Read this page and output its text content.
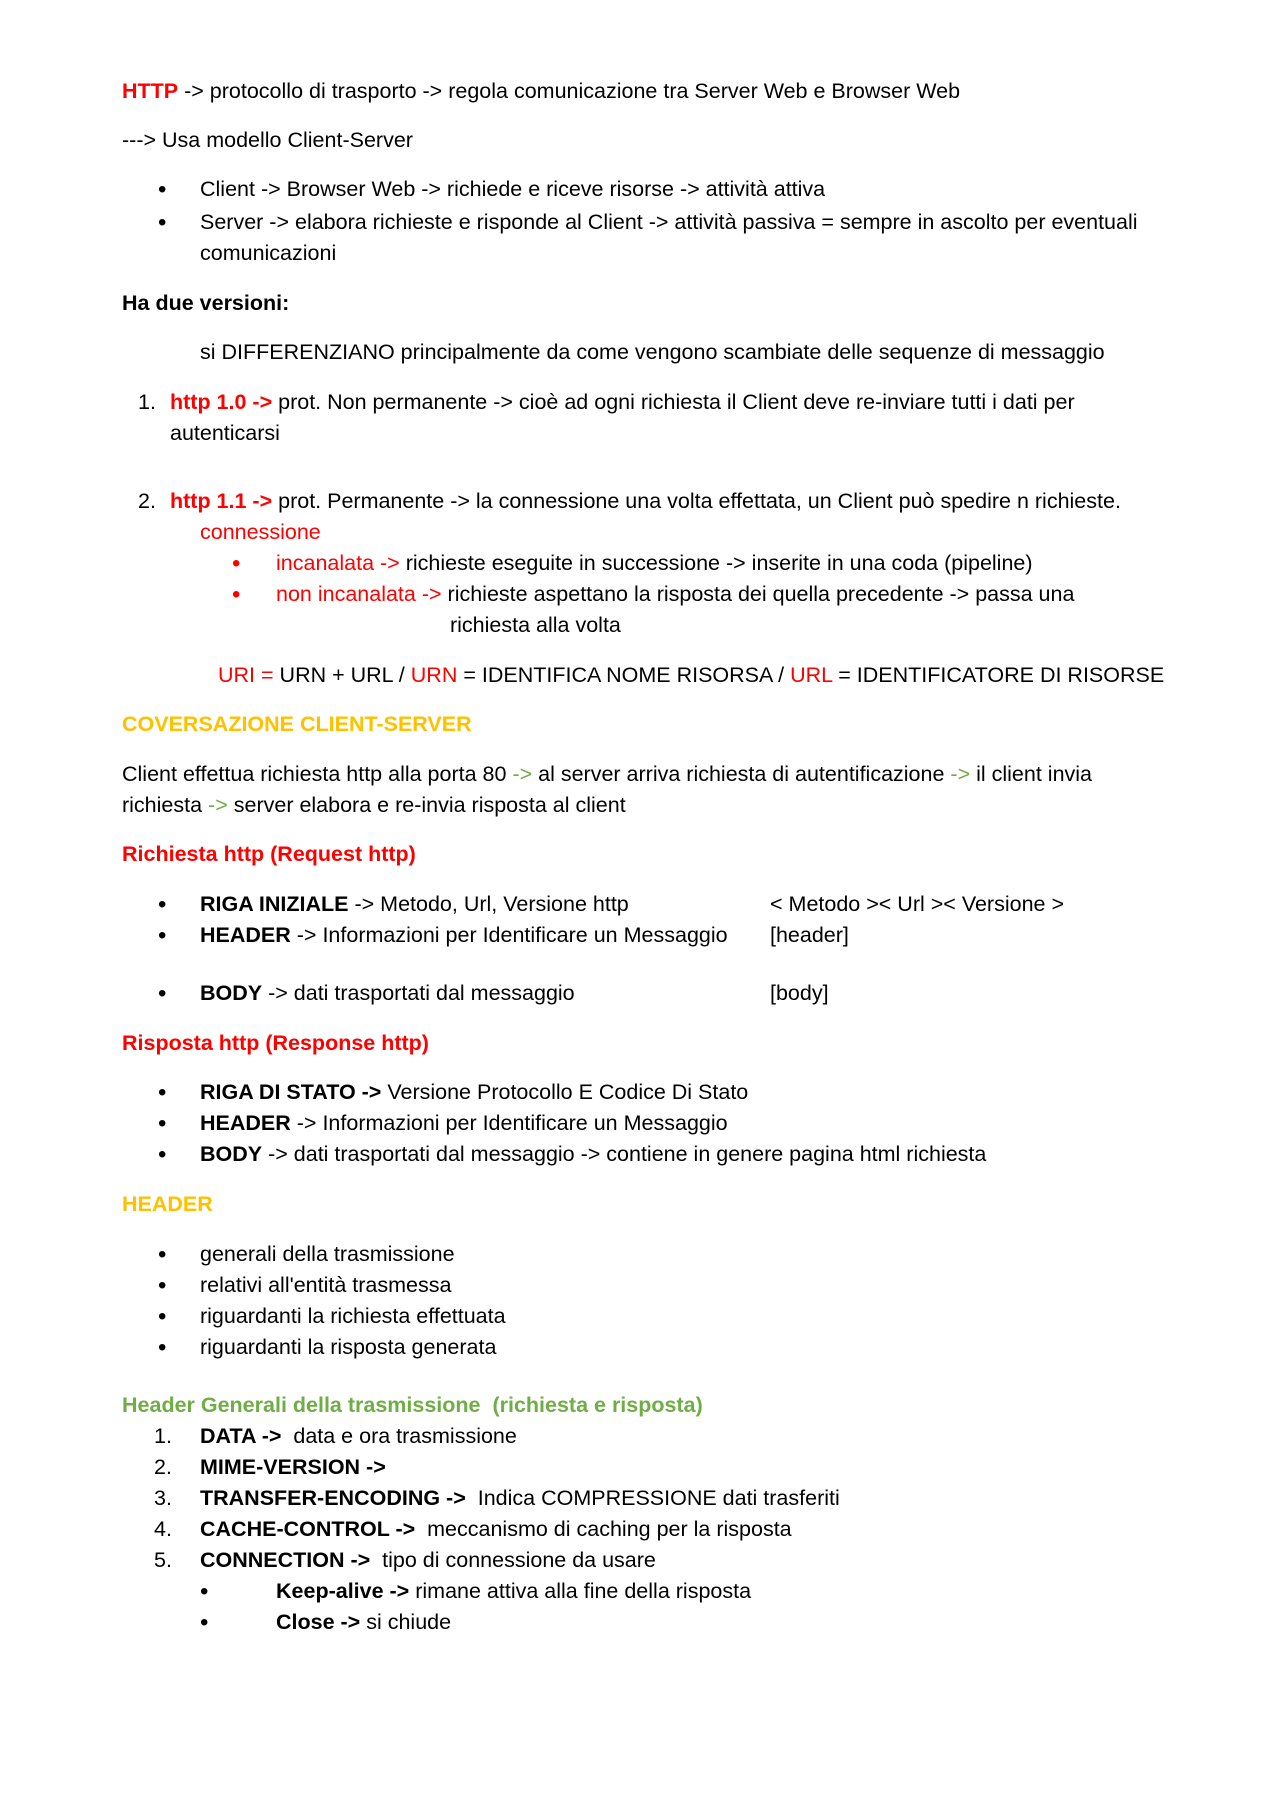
HTTP -> protocollo di trasporto -> regola comunicazione tra Server Web e Browser Web
---> Usa modello Client-Server
• Client -> Browser Web -> richiede e riceve risorse -> attività attiva
• Server -> elabora richieste e risponde al Client -> attività passiva = sempre in ascolto per eventuali
comunicazioni
Ha due versioni:
si DIFFERENZIANO principalmente da come vengono scambiate delle sequenze di messaggio
1. http 1.0 -> prot. Non permanente -> cioè ad ogni richiesta il Client deve re-inviare tutti i dati per
autenticarsi
2. http 1.1 -> prot. Permanente -> la connessione una volta effettata, un Client può spedire n richieste.
connessione
• incanalata -> richieste eseguite in successione -> inserite in una coda (pipeline)
• non incanalata -> richieste aspettano la risposta dei quella precedente -> passa una
richiesta alla volta
URI = URN + URL / URN = IDENTIFICA NOME RISORSA / URL = IDENTIFICATORE DI RISORSE
COVERSAZIONE CLIENT-SERVER
Client effettua richiesta http alla porta 80 -> al server arriva richiesta di autentificazione -> il client invia
richiesta -> server elabora e re-invia risposta al client
Richiesta http (Request http)
• RIGA INIZIALE -> Metodo, Url, Versione http	< Metodo >< Url >< Versione >
• HEADER -> Informazioni per Identificare un Messaggio [header]
• BODY -> dati trasportati dal messaggio	[body]
Risposta http (Response http)
• RIGA DI STATO -> Versione Protocollo E Codice Di Stato
• HEADER -> Informazioni per Identificare un Messaggio
• BODY -> dati trasportati dal messaggio -> contiene in genere pagina html richiesta
HEADER
• generali della trasmissione
• relativi all'entità trasmessa
• riguardanti la richiesta effettuata
• riguardanti la risposta generata
Header Generali della trasmissione  (richiesta e risposta)
1. DATA ->  data e ora trasmissione
2. MIME-VERSION ->
3. TRANSFER-ENCODING ->  Indica COMPRESSIONE dati trasferiti
4. CACHE-CONTROL ->  meccanismo di caching per la risposta
5. CONNECTION ->  tipo di connessione da usare
•	Keep-alive -> rimane attiva alla fine della risposta
•	Close -> si chiude
